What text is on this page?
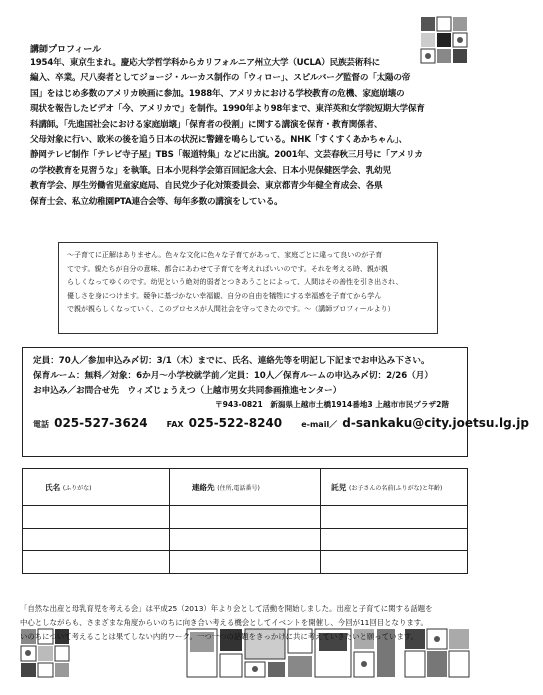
講師プロフィール
1954年、東京生まれ。慶応大学哲学科からカリフォルニア州立大学（UCLA）民族芸術科に
編入、卒業。尺八奏者としてジョージ・ルーカス制作の「ウィロー」、スピルバーグ監督の「太陽の帝
国」をはじめ多数のアメリカ映画に参加。1988年、アメリカにおける学校教育の危機、家庭崩壊の
現状を報告したビデオ「今、アメリカで」を制作。1990年より98年まで、東洋英和女学院短期大学保育
科講師。「先進国社会における家庭崩壊」「保育者の役割」に関する講演を保育・教育関係者、
父母対象に行い、欧米の後を追う日本の状況に警鐘を鳴らしている。NHK「すくすくあかちゃん」、
静岡テレビ制作「テレビ寺子屋」TBS「報道特集」などに出演。2001年、文芸春秋三月号に「アメリカ
の学校教育を見習うな」を執筆。日本小児科学会第百回記念大会、日本小児保健医学会、乳幼児
教育学会、厚生労働省児童家庭局、自民党少子化対策委員会、東京都青少年健全育成会、各県
保育士会、私立幼稚園PTA連合会等、毎年多数の講演をしている。
～子育てに正解はありません。色々な文化に色々な子育てがあって、家庭ごとに違って良いのが子育
てです。親たちが自分の意味、都合にあわせて子育てを考えればいいのです。それを考える時、親が親
らしくなってゆくのです。幼児という絶対的弱者とつきあうことによって、人間はその善性を引き出され、
優しさを身につけます。競争に基づかない幸福観、自分の自由を犠牲にする幸福感を子育てから学ん
で親が親らしくなっていく、このプロセスが人間社会を守ってきたのです。～（講師プロフィールより）
定員：70人／参加申込み〆切：3/1（木）までに、氏名、連絡先等を明記し下記までお申込み下さい。
保育ルーム：無料／対象：6か月～小学校就学前／定員：10人／保育ルームの申込み〆切：2/26（月）
お申込み／お問合せ先　ウィズじょうえつ（上越市男女共同参画推進センター）
〒943-0821　新潟県上越市土橋1914番地3 上越市市民プラザ2階
電話 025-527-3624 FAX 025-522-8240 e-mail／ d-sankaku@city.joetsu.lg.jp
氏名 (ふりがな)	連絡先 (住所,電話番号)	託児 (お子さんの名前(ふりがな)と年齢)

「自然な出産と母乳育児を考える会」は平成25（2013）年より会として活動を開始しました。出産と子育てに関する話題を
中心としながらも、さまざまな角度からいのちに向き合い考える機会としてイベントを開催し、今回が11回目となります。
いのちについて考えることは果てしない内的ワーク。一つ一つの話題をきっかけに共に考えていきたいと願っています。
